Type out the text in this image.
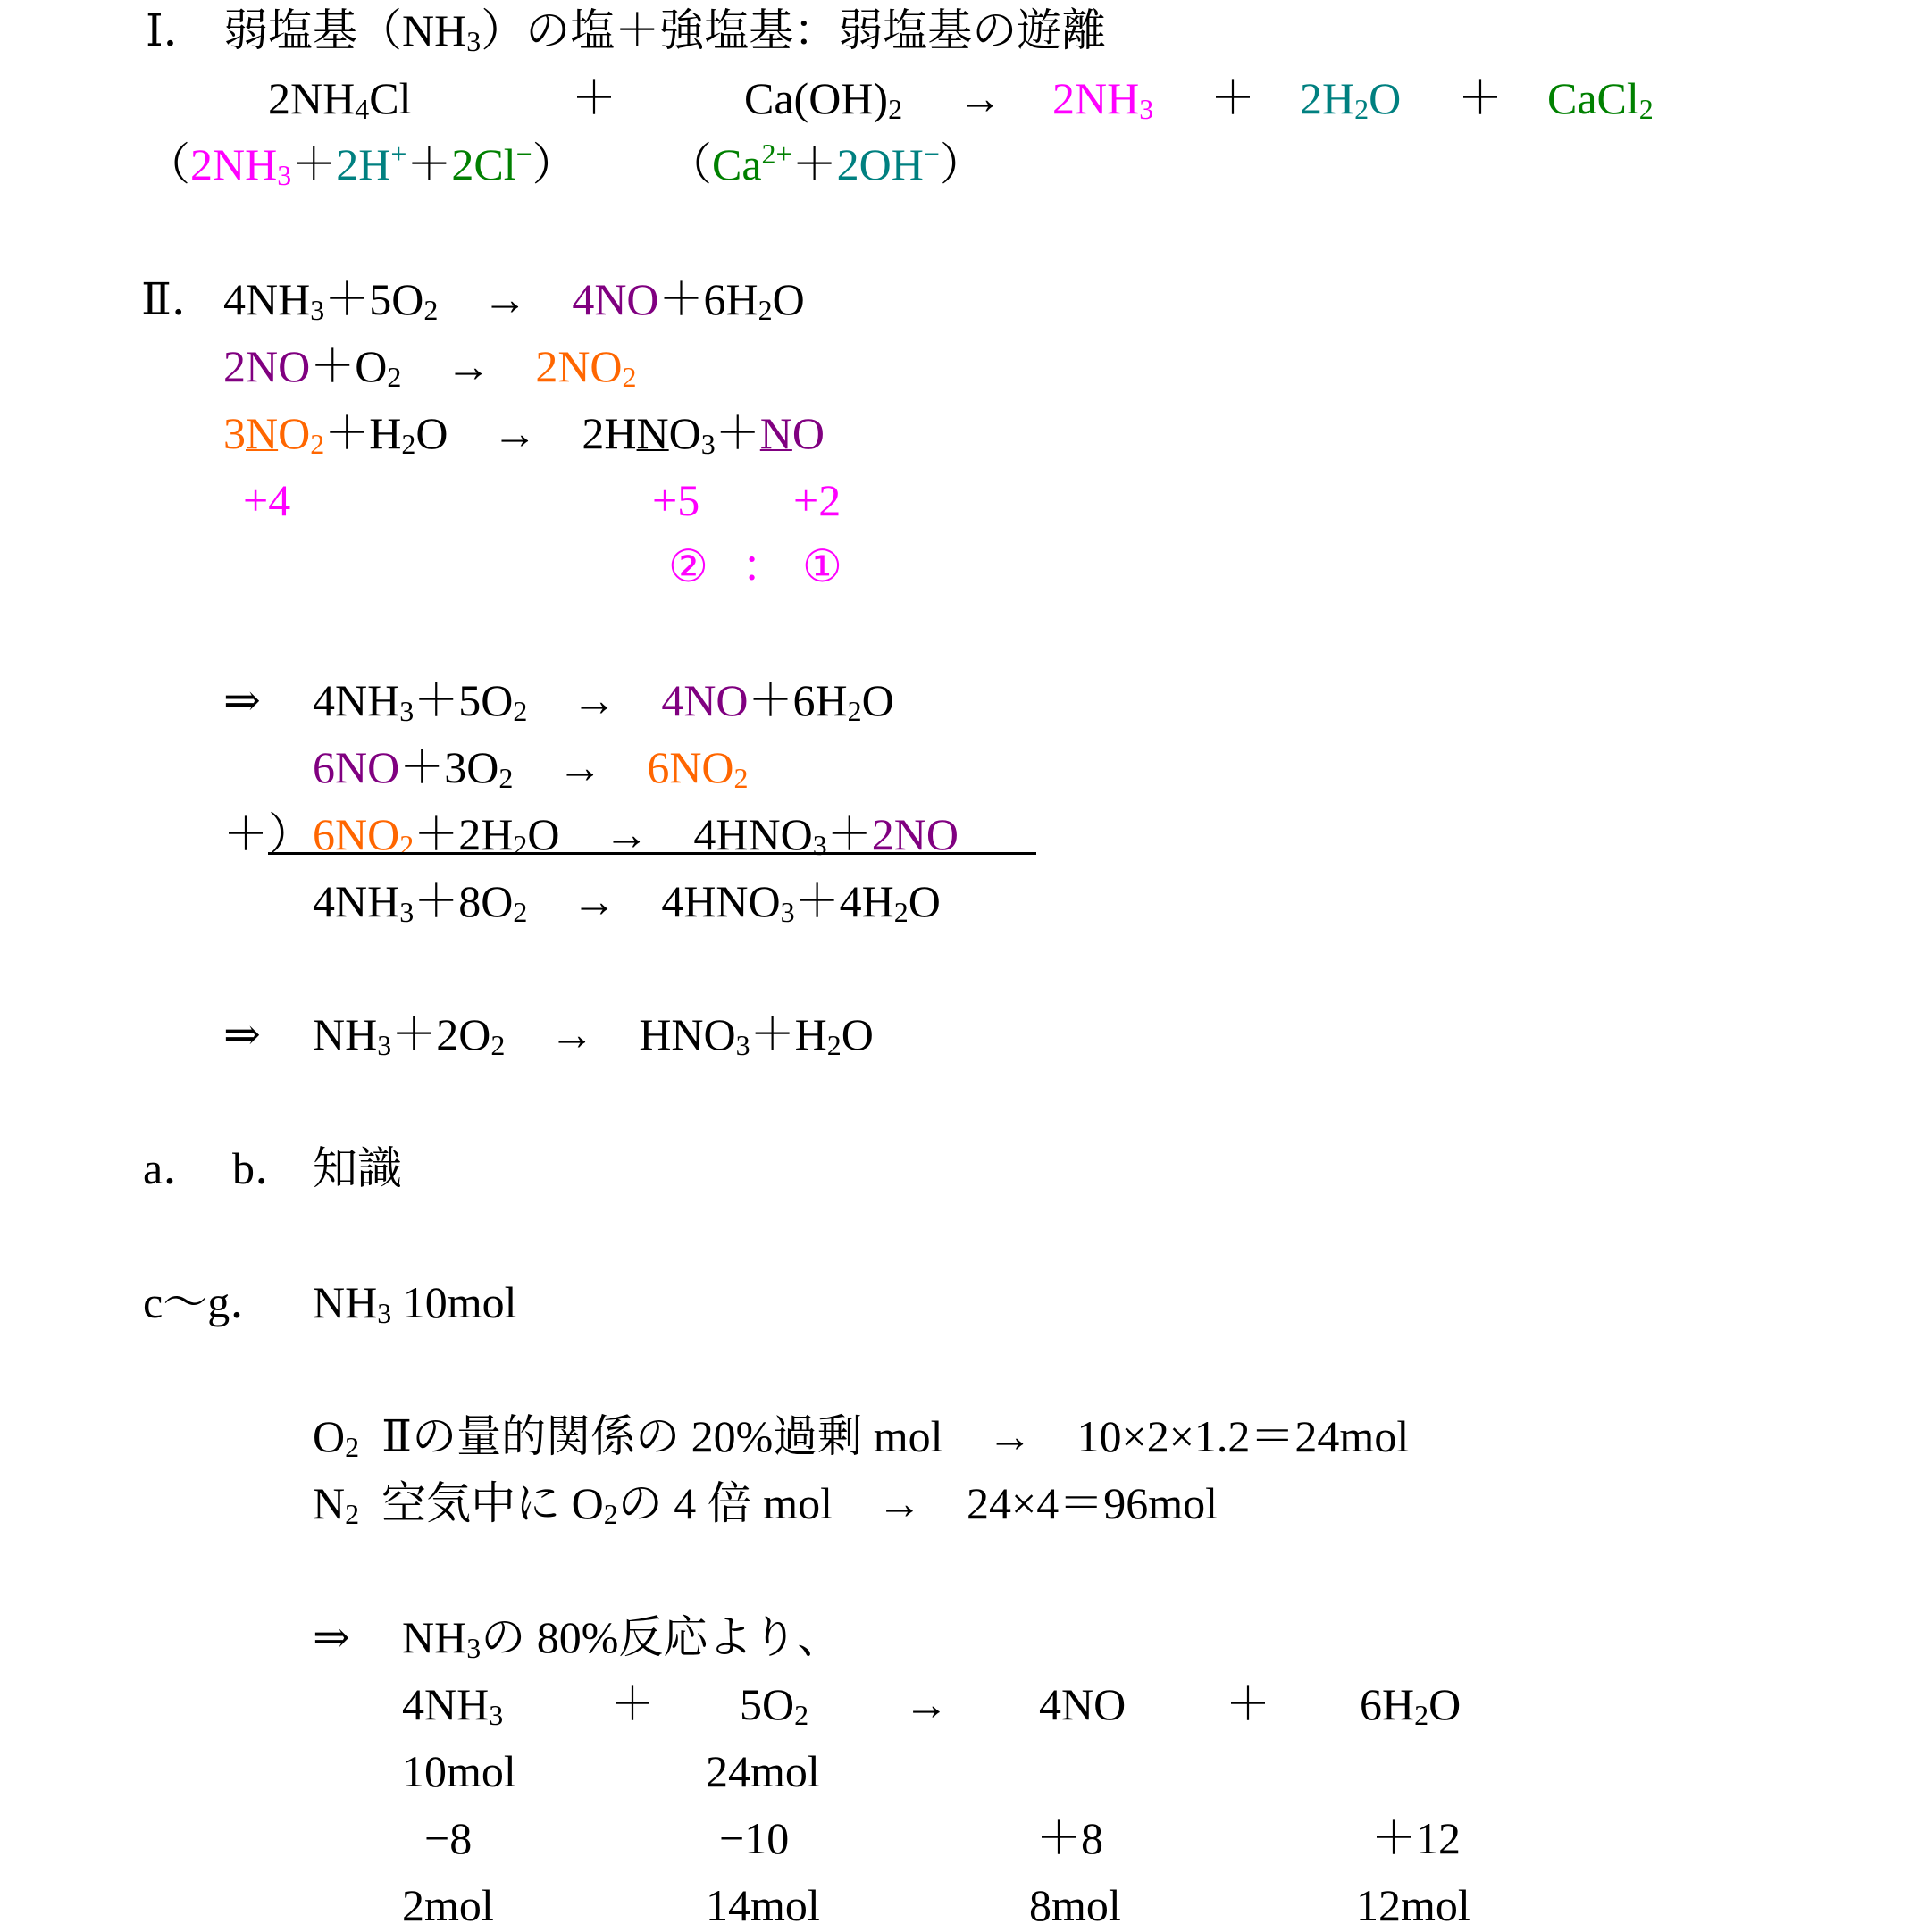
Ⅰ． 弱塩基$(NH_3)$の塩＋強塩基：弱塩基の遊離
$2NH_4Cl$	＋	$Ca(OH)_2 \to 2NH_3 + 2H_2O$ ＋ CaCl$_2$
$(2NH_3+2H^++2Cl^-)$ $(Ca^{2+}+2OH^-)$
Ⅱ． $4NH_3+5O_2$　→　$4NO+6H_2O$
$2NO+O_2$　→　$2NO_2$
$3NO_2+H_2O$　→　$2HNO_3+NO$
+4	+5 +2
② ： ①
⇒ $4NH_3+5O_2$　→　$4NO+6H_2O$
$6NO+3O_2$　→　$6NO_2$
＋） $6NO_2+2H_2O$　→　$4HNO_3+2NO$
$4NH_3+8O_2$　→　$4HNO_3+4H_2O$
⇒ $NH_3+2O_2$　→　$HNO_3+H_2O$
a． b． 知識
c～g． $NH_3$ 10mol
$O_2$  Ⅱの量的関係の 20%過剰 mol　→　10×2×1.2＝24mol
$N_2$  空気中に $O_2$の 4 倍 mol　→　24×4＝96mol
⇒ $NH_3$の 80%反応より、
$4NH_3 + 5O_2 \to 4NO + 6H_2O$
10mol	24mol
−8	−10	＋8	＋12
2mol	14mol	8mol	12mol
